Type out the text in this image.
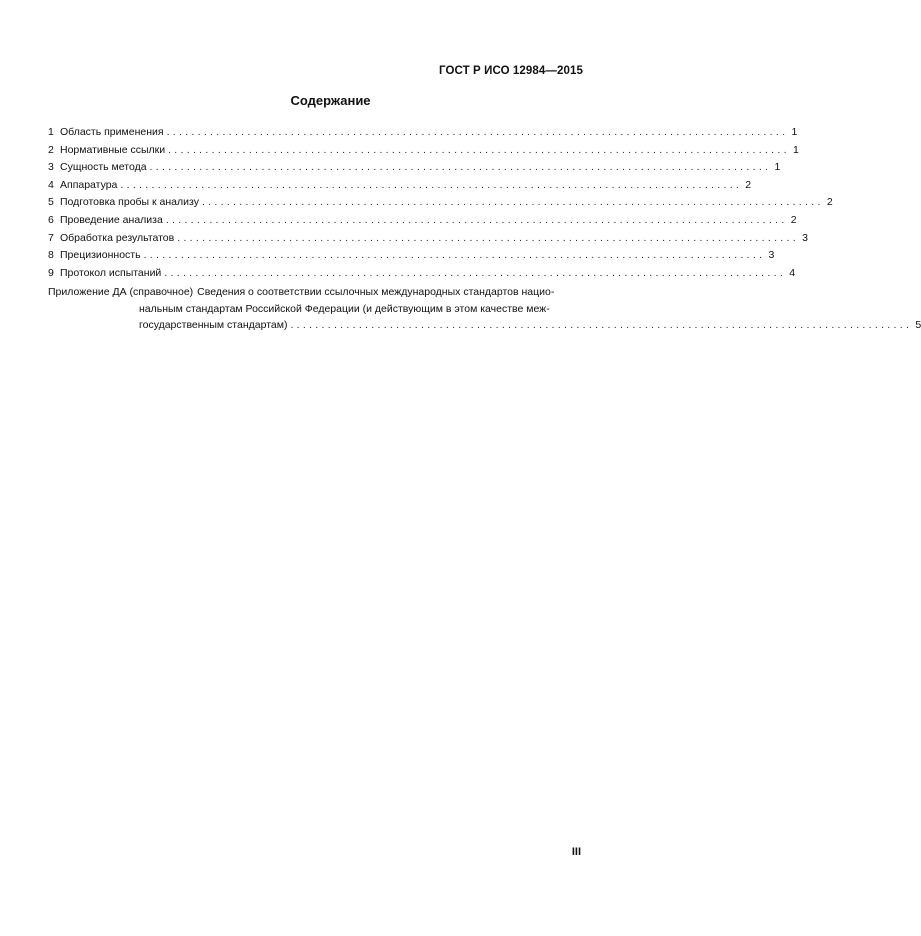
ГОСТ Р ИСО 12984—2015
Содержание
1 Область применения .................................................................................................... 1
2 Нормативные ссылки .................................................................................................... 1
3 Сущность метода .................................................................................................... 1
4 Аппаратура .................................................................................................... 2
5 Подготовка пробы к анализу .................................................................................................... 2
6 Проведение анализа .................................................................................................... 2
7 Обработка результатов .................................................................................................... 3
8 Прецизионность .................................................................................................... 3
9 Протокол испытаний .................................................................................................... 4
Приложение ДА (справочное) Сведения о соответствии ссылочных международных стандартов нацио-
нальным стандартам Российской Федерации (и действующим в этом качестве меж-
государственным стандартам) .................................................................................................... 5
III
